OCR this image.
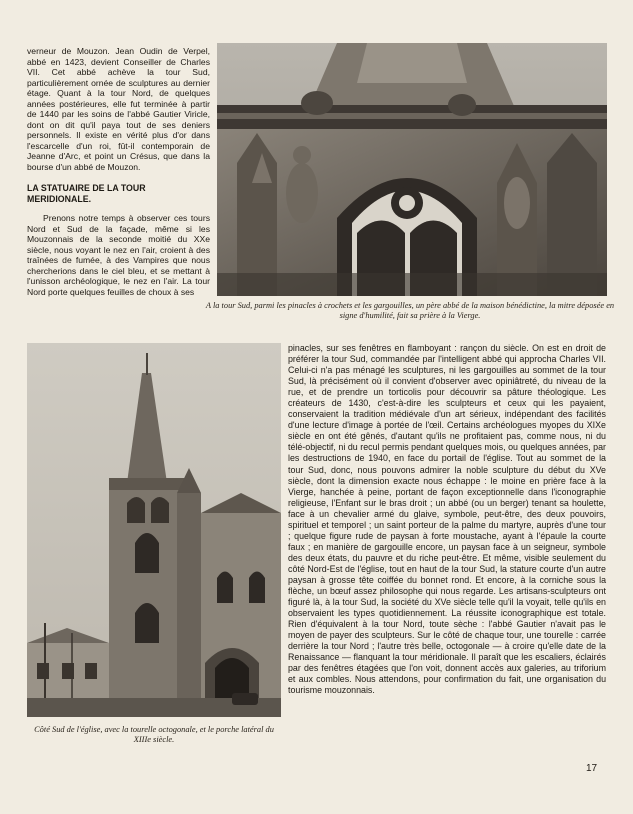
verneur de Mouzon. Jean Oudin de Verpel, abbé en 1423, devient Conseiller de Charles VII. Cet abbé achève la tour Sud, particulièrement ornée de sculptures au dernier étage. Quant à la tour Nord, de quelques années postérieures, elle fut terminée à partir de 1440 par les soins de l'abbé Gautier Viricle, dont on dit qu'il paya tout de ses deniers personnels. Il existe en vérité plus d'or dans l'escarcelle d'un roi, fût-il contemporain de Jeanne d'Arc, et point un Crésus, que dans la bourse d'un abbé de Mouzon.

LA STATUAIRE DE LA TOUR MERIDIONALE.

Prenons notre temps à observer ces tours Nord et Sud de la façade, même si les Mouzonnais de la seconde moitié du XXe siècle, nous voyant le nez en l'air, croient à des traînées de fumée, à des Vampires que nous chercherions dans le ciel bleu, et se mettant à l'unisson archéologique, le nez en l'air. La tour Nord porte quelques feuilles de choux à ses

A la tour Sud, parmi les pinacles à crochets et les gargouilles, un père abbé de la maison bénédictine, la mitre déposée en signe d'humilité, fait sa prière à la Vierge.
Côté Sud de l'église, avec la tourelle octogonale, et le porche latéral du XIIIe siècle.

pinacles, sur ses fenêtres en flamboyant : rançon du siècle. On est en droit de préférer la tour Sud, commandée par l'intelligent abbé qui approcha Charles VII. Celui-ci n'a pas ménagé les sculptures, ni les gargouilles au sommet de la tour Sud, là précisément où il convient d'observer avec opiniâtreté, du niveau de la rue, et de prendre un torticolis pour découvrir sa pâture théologique. Les créateurs de 1430, c'est-à-dire les sculpteurs et ceux qui les payaient, conservaient la tradition médiévale d'un art sérieux, indépendant des facilités d'une lecture d'image à portée de l'œil. Certains archéologues myopes du XIXe siècle en ont été gênés, d'autant qu'ils ne profitaient pas, comme nous, ni du télé-objectif, ni du recul permis pendant quelques mois, ou quelques années, par les destructions de 1940, en face du portail de l'église. Tout au sommet de la tour Sud, donc, nous pouvons admirer la noble sculpture du début du XVe siècle, dont la dimension exacte nous échappe : le moine en prière face à la Vierge, hanchée à peine, portant de façon exceptionnelle dans l'iconographie religieuse, l'Enfant sur le bras droit ; un abbé (ou un berger) tenant sa houlette, face à un chevalier armé du glaive, symbole, peut-être, des deux pouvoirs, spirituel et temporel ; un saint porteur de la palme du martyre, auprès d'une tour ; quelque figure rude de paysan à forte moustache, ayant à l'épaule la courte faux ; en manière de gargouille encore, un paysan face à un seigneur, symbole des deux états, du pauvre et du riche peut-être. Et même, visible seulement du côté Nord-Est de l'église, tout en haut de la tour Sud, la stature courte d'un autre paysan à grosse tête coiffée du bonnet rond. Et encore, à la corniche sous la flèche, un bœuf assez philosophe qui nous regarde. Les artisans-sculpteurs ont figuré là, à la tour Sud, la société du XVe siècle telle qu'il la voyait, telle qu'ils en observaient les types quotidiennement. La réussite iconographique est totale. Rien d'équivalent à la tour Nord, toute sèche : l'abbé Gautier n'avait pas le moyen de payer des sculpteurs. Sur le côté de chaque tour, une tourelle : carrée derrière la tour Nord ; l'autre très belle, octogonale — à croire qu'elle date de la Renaissance — flanquant la tour méridionale. Il paraît que les escaliers, éclairés par des fenêtres étagées que l'on voit, donnent accès aux galeries, au triforium et aux combles. Nous attendons, pour confirmation du fait, une organisation du tourisme mouzonnais.

17
